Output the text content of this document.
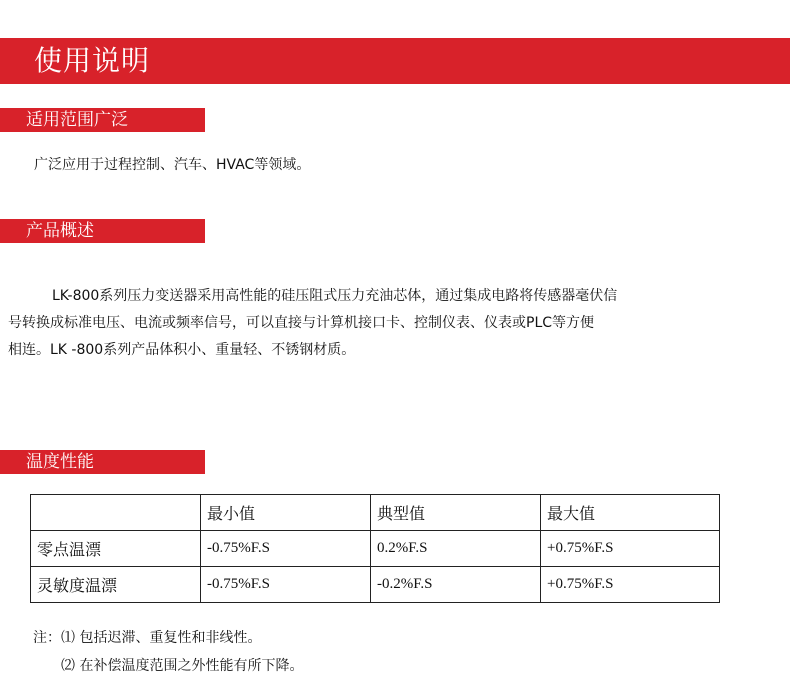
使用说明
适用范围广泛
广泛应用于过程控制、汽车、HVAC等领域。
产品概述
LK-800系列压力变送器采用高性能的硅压阻式压力充油芯体，通过集成电路将传感器毫伏信
号转换成标准电压、电流或频率信号，可以直接与计算机接口卡、控制仪表、仪表或PLC等方便
相连。LK -800系列产品体积小、重量轻、不锈钢材质。
温度性能
	最小值	典型值	最大值
零点温漂	-0.75%F.S	0.2%F.S	+0.75%F.S
灵敏度温漂	-0.75%F.S	-0.2%F.S	+0.75%F.S
注：⑴ 包括迟滞、重复性和非线性。
⑵ 在补偿温度范围之外性能有所下降。
